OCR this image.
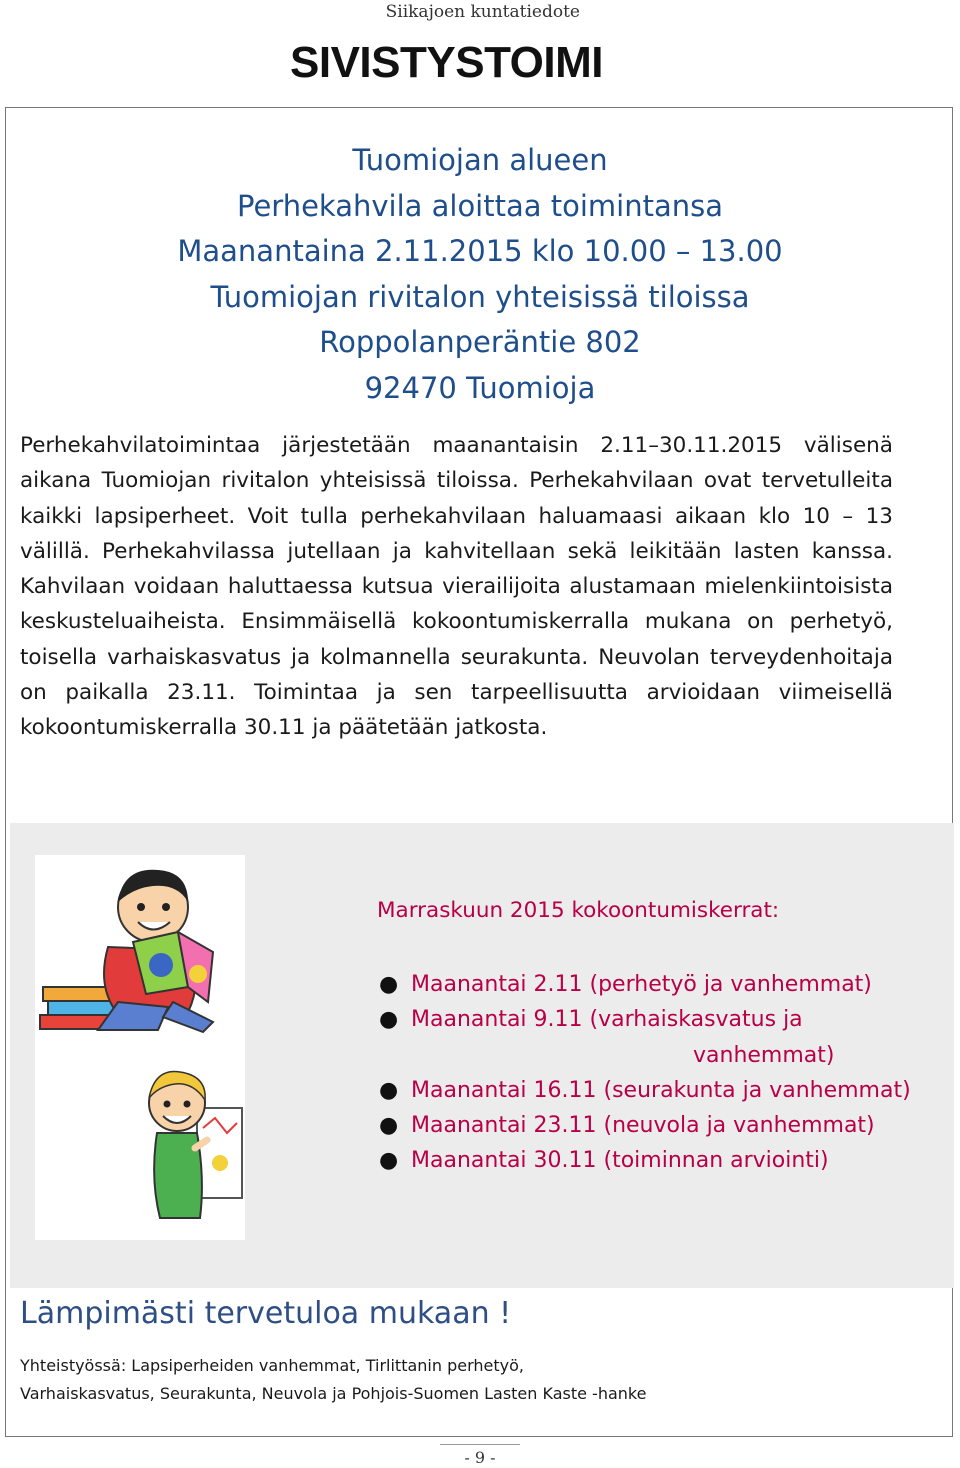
Siikajoen kuntatiedote
SIVISTYSTOIMI
Tuomiojan alueen
Perhekahvila aloittaa toimintansa
Maanantaina 2.11.2015 klo 10.00 – 13.00
Tuomiojan rivitalon yhteisissä tiloissa
Roppolanperäntie 802
92470 Tuomioja
Perhekahvilatoimintaa järjestetään maanantaisin 2.11–30.11.2015 välisenä aikana Tuomiojan rivitalon yhteisissä tiloissa. Perhekahvilaan ovat tervetulleita kaikki lapsiperheet. Voit tulla perhekahvilaan haluamaasi aikaan klo 10 – 13 välillä. Perhekahvilassa jutellaan ja kahvitellaan sekä leikitään lasten kanssa. Kahvilaan voidaan haluttaessa kutsua vierailijoita alustamaan mielenkiintoisista keskusteluaiheista. Ensimmäisellä kokoontumiskerralla mukana on perhetyö, toisella varhaiskasvatus ja kolmannella seurakunta. Neuvolan terveydenhoitaja on paikalla 23.11. Toimintaa ja sen tarpeellisuutta arvioidaan viimeisellä kokoontumiskerralla 30.11 ja päätetään jatkosta.
Marraskuun 2015 kokoontumiskerrat:
● Maanantai 2.11 (perhetyö ja vanhemmat)
● Maanantai 9.11 (varhaiskasvatus ja
vanhemmat)
● Maanantai 16.11 (seurakunta ja vanhemmat)
● Maanantai 23.11 (neuvola ja vanhemmat)
● Maanantai 30.11 (toiminnan arviointi)
Lämpimästi tervetuloa mukaan !
Yhteistyössä: Lapsiperheiden vanhemmat, Tirlittanin perhetyö,
Varhaiskasvatus, Seurakunta, Neuvola ja Pohjois-Suomen Lasten Kaste -hanke
- 9 -
